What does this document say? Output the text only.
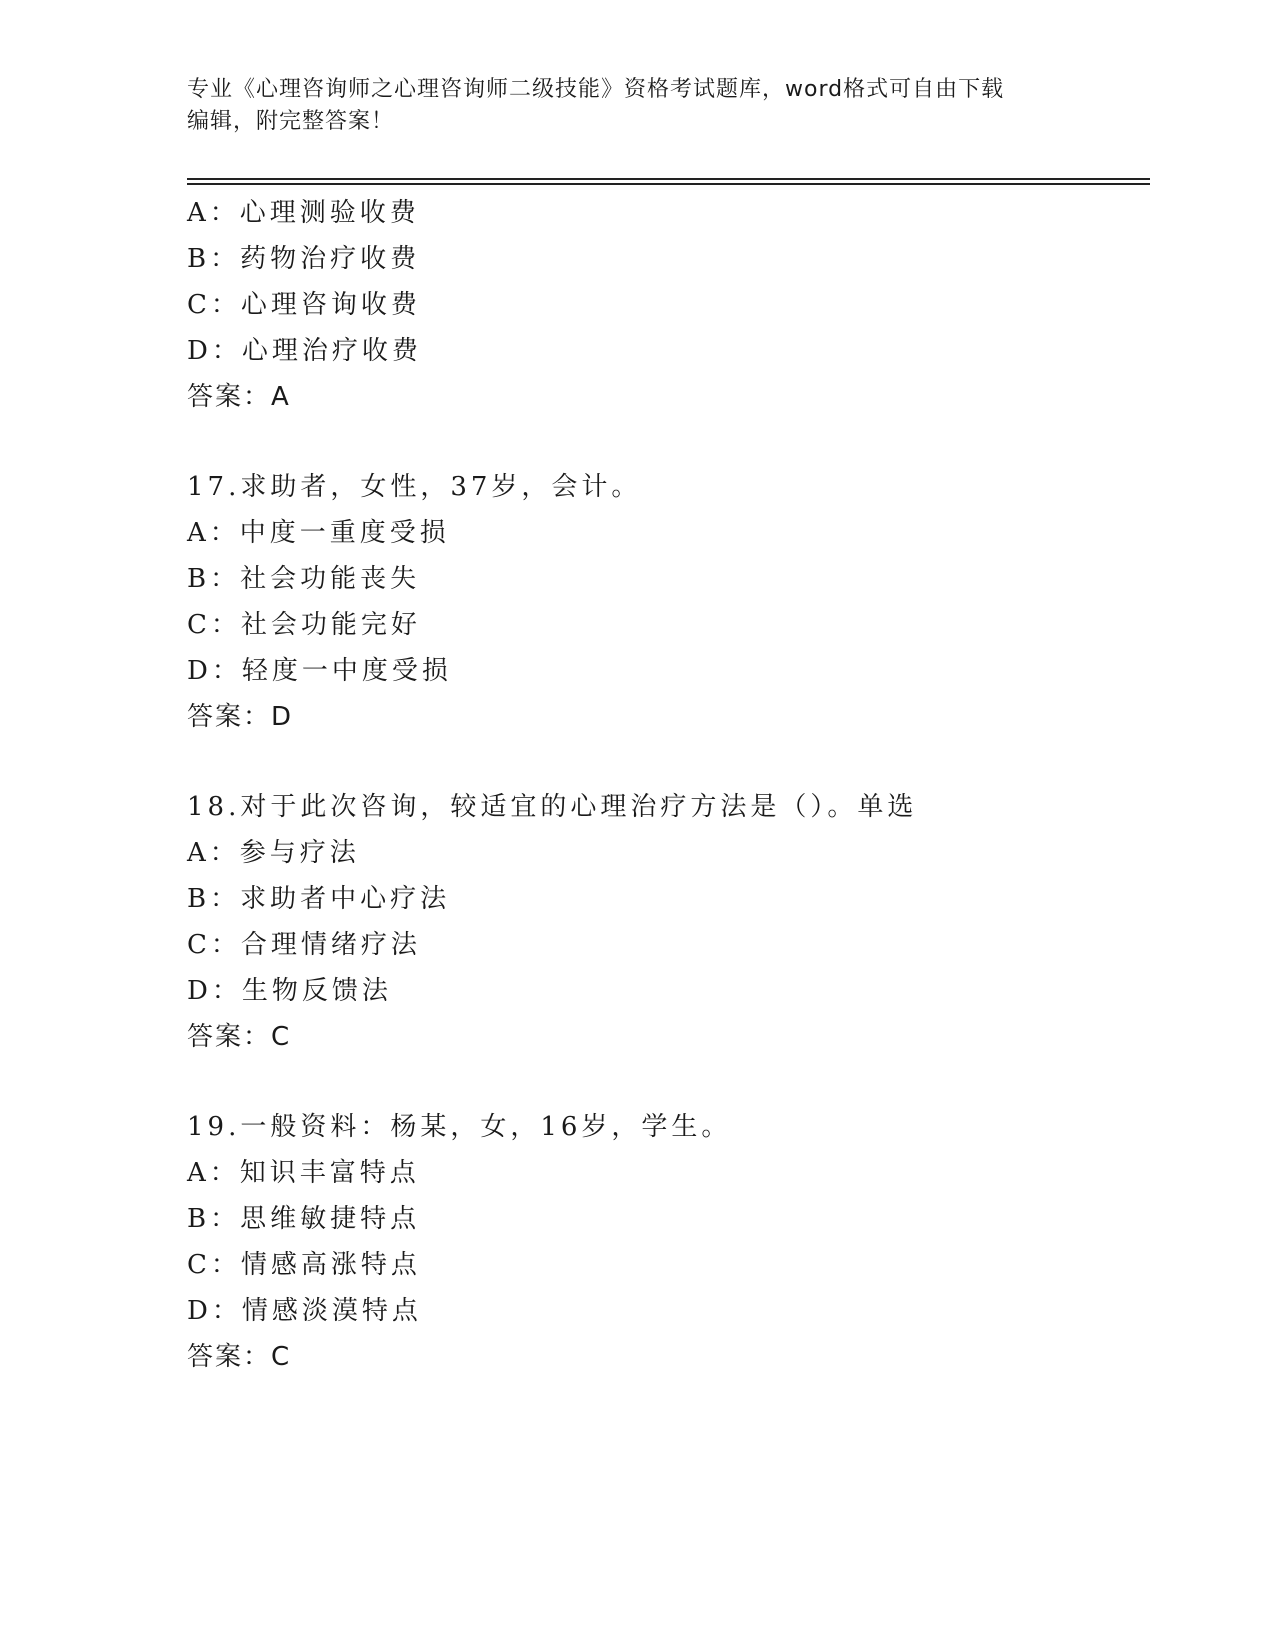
专业《心理咨询师之心理咨询师二级技能》资格考试题库，word格式可自由下载
编辑，附完整答案！
A：心理测验收费
B：药物治疗收费
C：心理咨询收费
D：心理治疗收费
答案：A
17.求助者，女性，37岁，会计。
A：中度一重度受损
B：社会功能丧失
C：社会功能完好
D：轻度一中度受损
答案：D
18.对于此次咨询，较适宜的心理治疗方法是（）。单选
A：参与疗法
B：求助者中心疗法
C：合理情绪疗法
D：生物反馈法
答案：C
19.一般资料：杨某，女，16岁，学生。
A：知识丰富特点
B：思维敏捷特点
C：情感高涨特点
D：情感淡漠特点
答案：C
